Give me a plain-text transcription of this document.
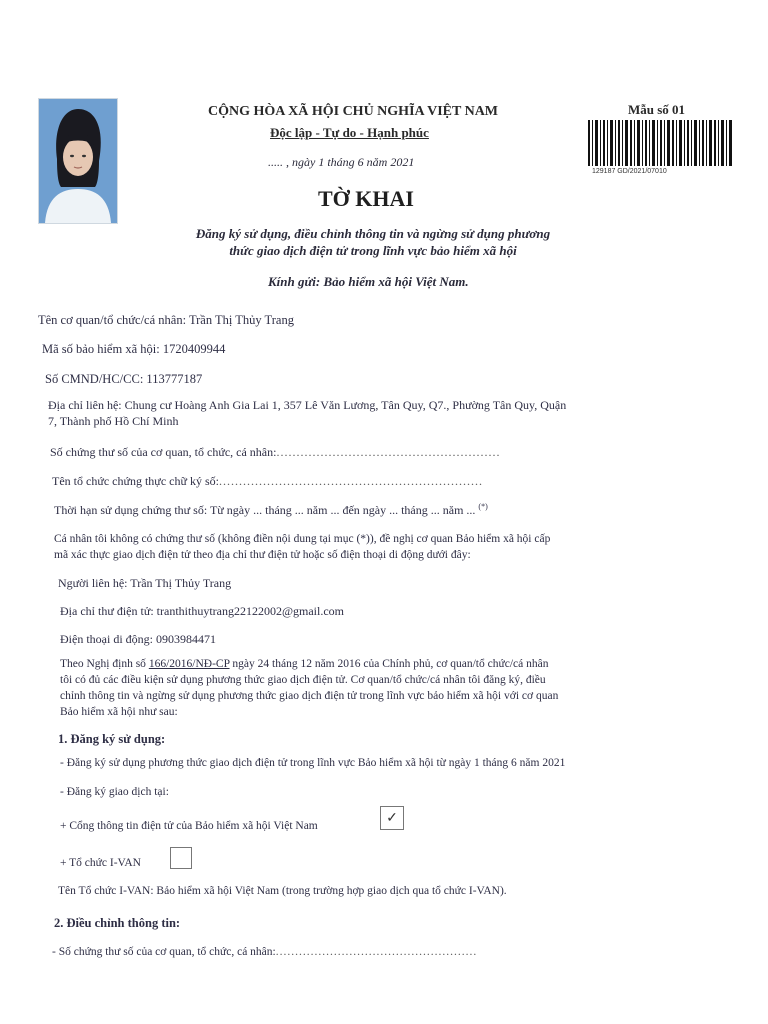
CỘNG HÒA XÃ HỘI CHỦ NGHĨA VIỆT NAM
Độc lập - Tự do - Hạnh phúc
..... , ngày 1 tháng 6 năm 2021
Mẫu số 01
129187 GD/2021/07010
TỜ KHAI
Đăng ký sử dụng, điều chỉnh thông tin và ngừng sử dụng phương
thức giao dịch điện tử trong lĩnh vực bảo hiểm xã hội
Kính gửi: Bảo hiểm xã hội Việt Nam.
Tên cơ quan/tổ chức/cá nhân: Trần Thị Thủy Trang
Mã số bảo hiểm xã hội: 1720409944
Số CMND/HC/CC: 113777187
Địa chỉ liên hệ: Chung cư Hoàng Anh Gia Lai 1, 357 Lê Văn Lương, Tân Quy, Q7., Phường Tân Quy, Quận
7, Thành phố Hồ Chí Minh
Số chứng thư số của cơ quan, tổ chức, cá nhân:........................................................
Tên tổ chức chứng thực chữ ký số:..................................................................
Thời hạn sử dụng chứng thư số: Từ ngày ... tháng ... năm ... đến ngày ... tháng ... năm ... (*)
Cá nhân tôi không có chứng thư số (không điền nội dung tại mục (*)), đề nghị cơ quan Bảo hiểm xã hội cấp
mã xác thực giao dịch điện tử theo địa chỉ thư điện tử hoặc số điện thoại di động dưới đây:
Người liên hệ: Trần Thị Thủy Trang
Địa chỉ thư điện tử: tranthithuytrang22122002@gmail.com
Điện thoại di động: 0903984471
Theo Nghị định số 166/2016/NĐ-CP ngày 24 tháng 12 năm 2016 của Chính phủ, cơ quan/tổ chức/cá nhân
tôi có đủ các điều kiện sử dụng phương thức giao dịch điện tử. Cơ quan/tổ chức/cá nhân tôi đăng ký, điều
chỉnh thông tin và ngừng sử dụng phương thức giao dịch điện tử trong lĩnh vực bảo hiểm xã hội với cơ quan
Bảo hiểm xã hội như sau:
1. Đăng ký sử dụng:
- Đăng ký sử dụng phương thức giao dịch điện tử trong lĩnh vực Bảo hiểm xã hội từ ngày 1 tháng 6 năm 2021
- Đăng ký giao dịch tại:
+ Cổng thông tin điện tử của Bảo hiểm xã hội Việt Nam
✓
+ Tổ chức I-VAN
Tên Tổ chức I-VAN: Bảo hiểm xã hội Việt Nam (trong trường hợp giao dịch qua tổ chức I-VAN).
2. Điều chỉnh thông tin:
- Số chứng thư số của cơ quan, tổ chức, cá nhân:....................................................
